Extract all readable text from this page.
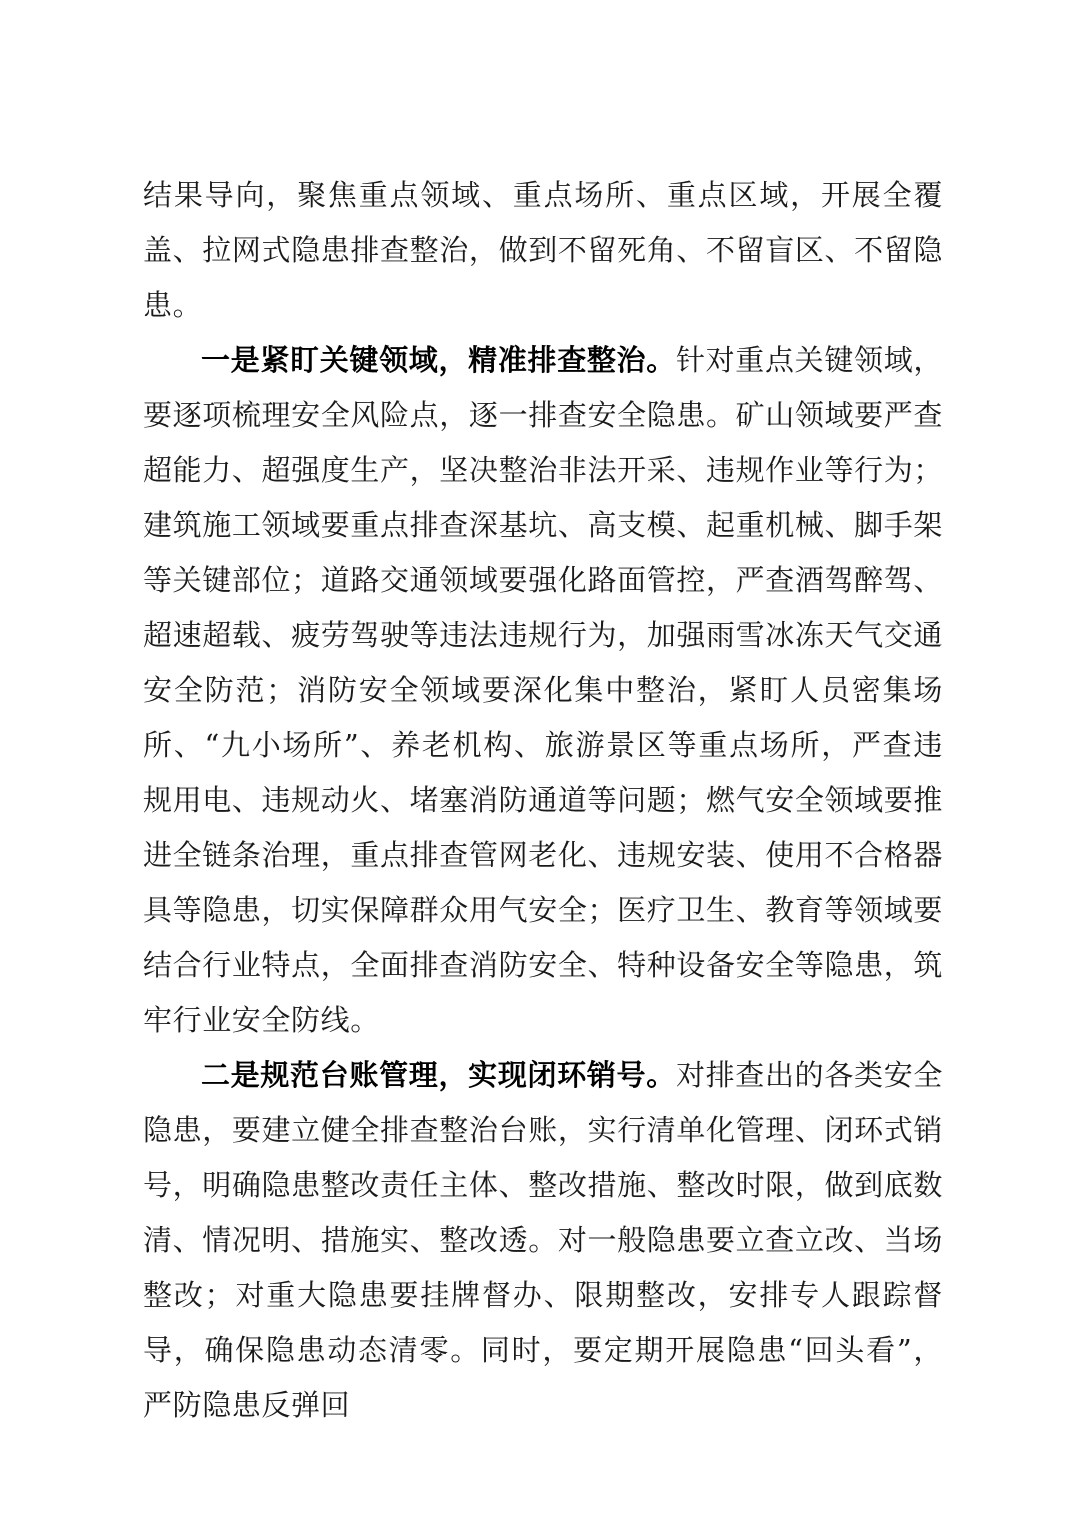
结果导向，聚焦重点领域、重点场所、重点区域，开展全覆盖、拉网式隐患排查整治，做到不留死角、不留盲区、不留隐患。

一是紧盯关键领域，精准排查整治。针对重点关键领域，要逐项梳理安全风险点，逐一排查安全隐患。矿山领域要严查超能力、超强度生产，坚决整治非法开采、违规作业等行为；建筑施工领域要重点排查深基坑、高支模、起重机械、脚手架等关键部位；道路交通领域要强化路面管控，严查酒驾醉驾、超速超载、疲劳驾驶等违法违规行为，加强雨雪冰冻天气交通安全防范；消防安全领域要深化集中整治，紧盯人员密集场所、“九小场所”、养老机构、旅游景区等重点场所，严查违规用电、违规动火、堵塞消防通道等问题；燃气安全领域要推进全链条治理，重点排查管网老化、违规安装、使用不合格器具等隐患，切实保障群众用气安全；医疗卫生、教育等领域要结合行业特点，全面排查消防安全、特种设备安全等隐患，筑牢行业安全防线。

二是规范台账管理，实现闭环销号。对排查出的各类安全隐患，要建立健全排查整治台账，实行清单化管理、闭环式销号，明确隐患整改责任主体、整改措施、整改时限，做到底数清、情况明、措施实、整改透。对一般隐患要立查立改、当场整改；对重大隐患要挂牌督办、限期整改，安排专人跟踪督导，确保隐患动态清零。同时，要定期开展隐患“回头看”，严防隐患反弹回
